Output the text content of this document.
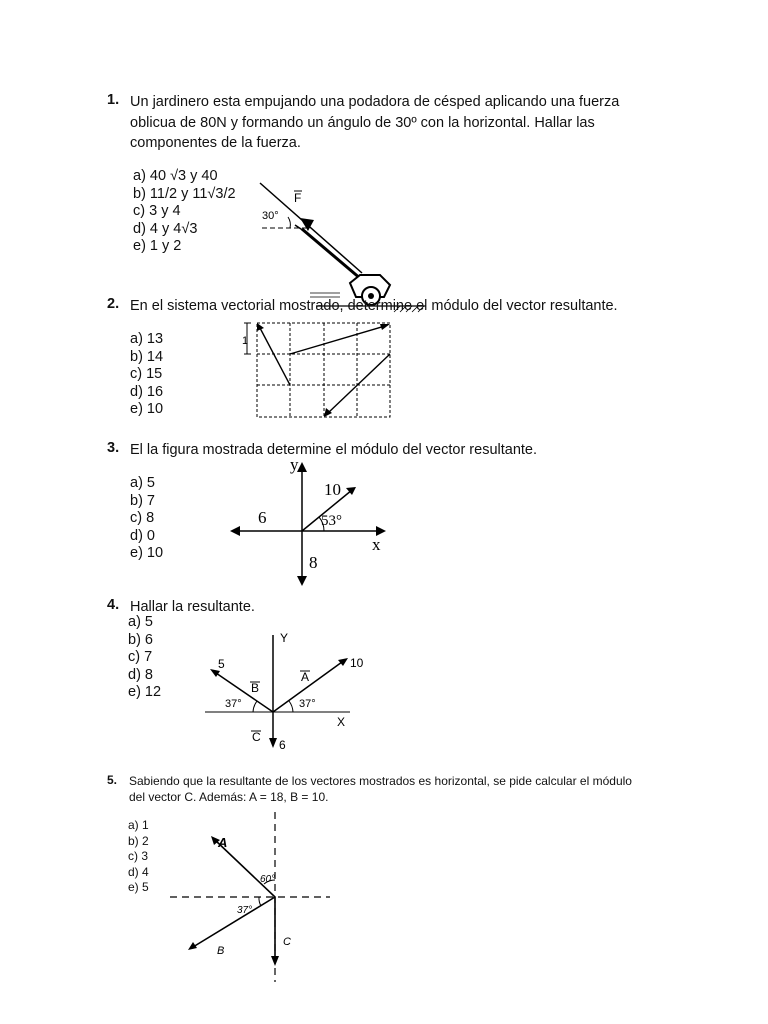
1. Un jardinero esta empujando una podadora de césped aplicando una fuerza
oblicua de 80N y formando un ángulo de 30º con la horizontal. Hallar las
componentes de la fuerza.
a) 40 √3 y 40
b) 11/2 y 11√3/2
c) 3 y 4
d) 4 y 4√3
e) 1 y 2
30°
F
2. En el sistema vectorial mostrado, determine el módulo del vector resultante.
a) 13
b) 14
c) 15
d) 16
e) 10
1
3. El la figura mostrada determine el módulo del vector resultante.
a) 5
b) 7
c) 8
d) 0
e) 10
y
x
10
6
8
53°
4. Hallar la resultante.
a) 5
b) 6
c) 7
d) 8
e) 12
Y
X
10
5
6
A
B
C
37°	37°
5. Sabiendo que la resultante de los vectores mostrados es horizontal, se pide calcular el módulo
del vector C. Además: A = 18, B = 10.
a) 1
b) 2
c) 3
d) 4
e) 5
A
B
C
60°
37°
